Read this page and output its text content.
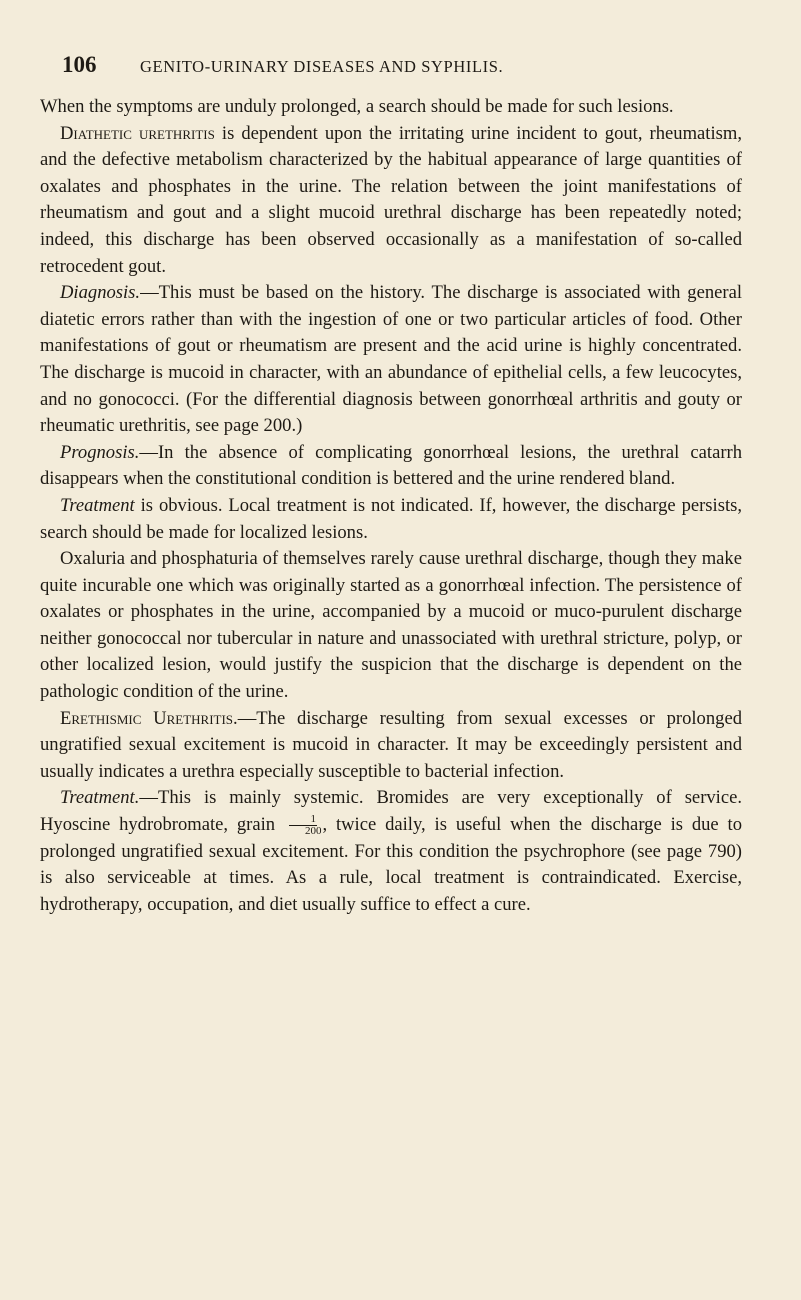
106	GENITO-URINARY DISEASES AND SYPHILIS.

When the symptoms are unduly prolonged, a search should be made for such lesions.

Diathetic urethritis is dependent upon the irritating urine incident to gout, rheumatism, and the defective metabolism characterized by the habitual appearance of large quantities of oxalates and phosphates in the urine. The relation between the joint manifestations of rheumatism and gout and a slight mucoid urethral discharge has been repeatedly noted; indeed, this discharge has been observed occasionally as a manifestation of so-called retrocedent gout.

Diagnosis.—This must be based on the history. The discharge is associated with general diatetic errors rather than with the ingestion of one or two particular articles of food. Other manifestations of gout or rheumatism are present and the acid urine is highly concentrated. The discharge is mucoid in character, with an abundance of epithelial cells, a few leucocytes, and no gonococci. (For the differential diagnosis between gonorrhœal arthritis and gouty or rheumatic urethritis, see page 200.)

Prognosis.—In the absence of complicating gonorrhœal lesions, the urethral catarrh disappears when the constitutional condition is bettered and the urine rendered bland.

Treatment is obvious. Local treatment is not indicated. If, however, the discharge persists, search should be made for localized lesions.

Oxaluria and phosphaturia of themselves rarely cause urethral discharge, though they make quite incurable one which was originally started as a gonorrhœal infection. The persistence of oxalates or phosphates in the urine, accompanied by a mucoid or muco-purulent discharge neither gonococcal nor tubercular in nature and unassociated with urethral stricture, polyp, or other localized lesion, would justify the suspicion that the discharge is dependent on the pathologic condition of the urine.

Erethismic Urethritis.—The discharge resulting from sexual excesses or prolonged ungratified sexual excitement is mucoid in character. It may be exceedingly persistent and usually indicates a urethra especially susceptible to bacterial infection.

Treatment.—This is mainly systemic. Bromides are very exceptionally of service. Hyoscine hydrobromate, grain $\frac{1}{200}$ , twice daily, is useful when the discharge is due to prolonged ungratified sexual excitement. For this condition the psychrophore (see page 790) is also serviceable at times. As a rule, local treatment is contraindicated. Exercise, hydrotherapy, occupation, and diet usually suffice to effect a cure.
